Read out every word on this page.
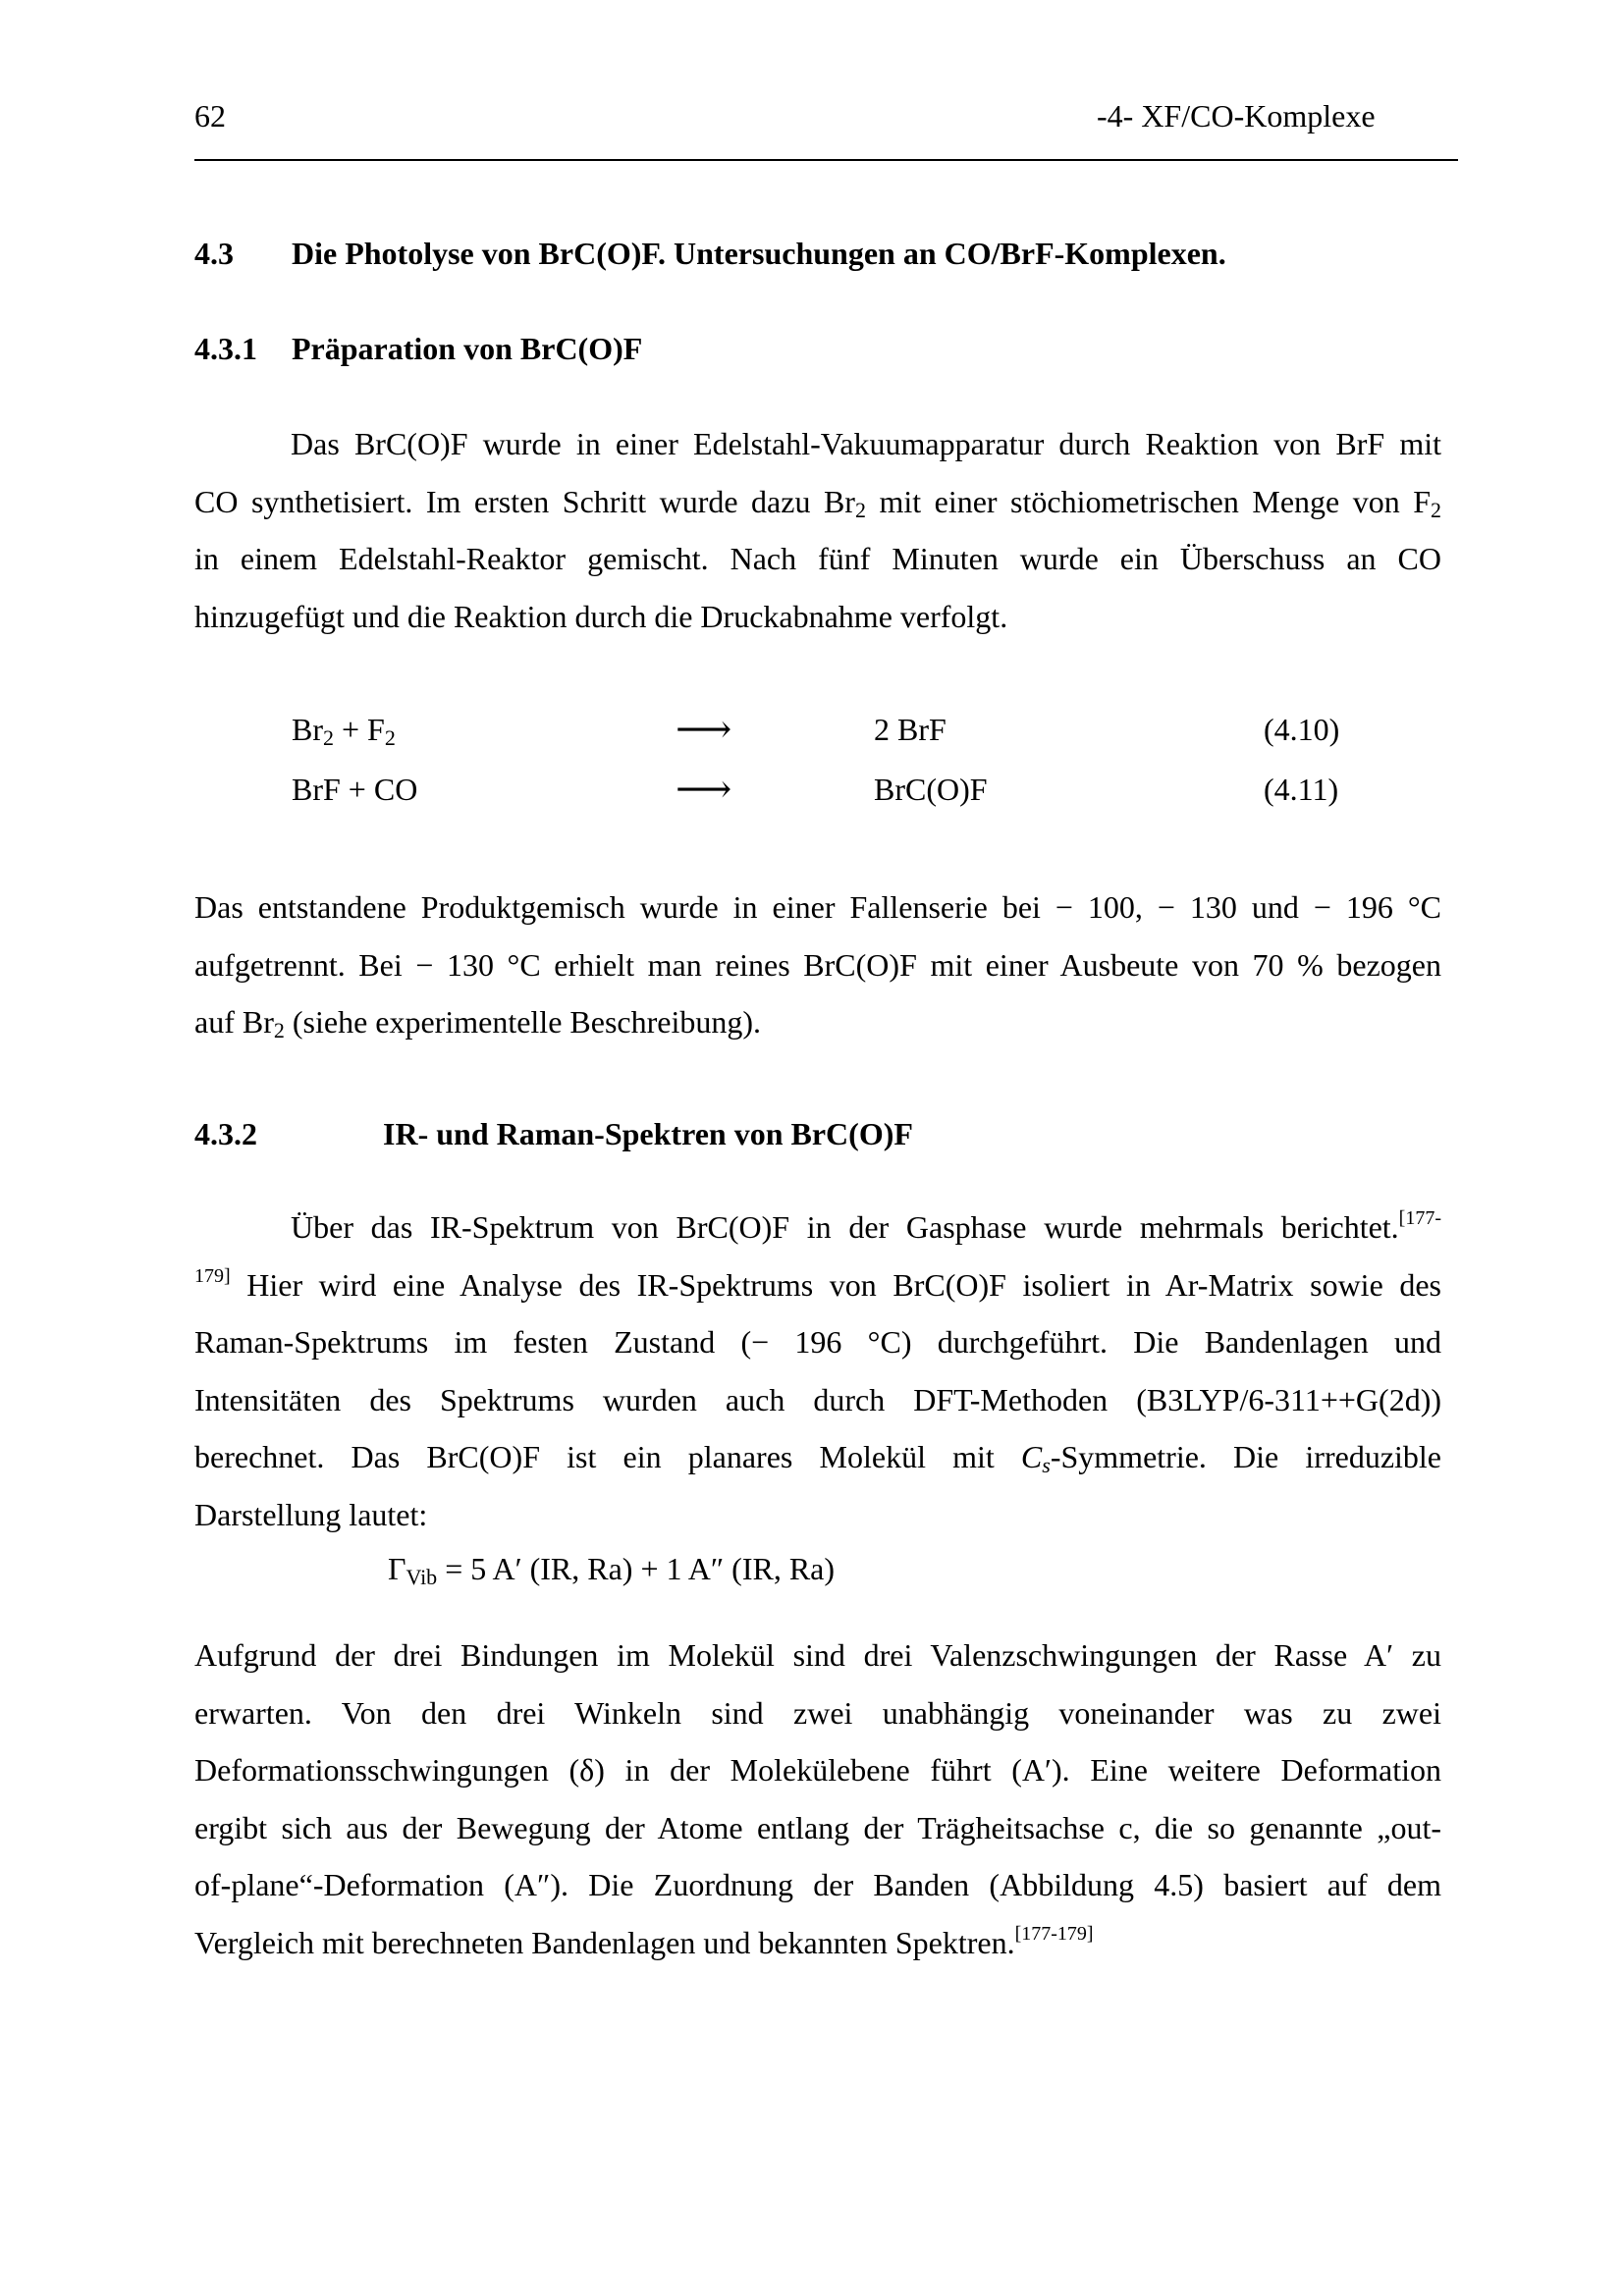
62	-4- XF/CO-Komplexe
4.3 Die Photolyse von BrC(O)F. Untersuchungen an CO/BrF-Komplexen.
4.3.1 Präparation von BrC(O)F
Das BrC(O)F wurde in einer Edelstahl-Vakuumapparatur durch Reaktion von BrF mit
CO synthetisiert. Im ersten Schritt wurde dazu $Br_2$ mit einer stöchiometrischen Menge von $F_2$
in einem Edelstahl-Reaktor gemischt. Nach fünf Minuten wurde ein Überschuss an CO
hinzugefügt und die Reaktion durch die Druckabnahme verfolgt.
$Br_2 + F_2$	⟶	2 BrF	(4.10)
BrF + CO	⟶	BrC(O)F	(4.11)
Das entstandene Produktgemisch wurde in einer Fallenserie bei − 100, − 130 und − 196 °C
aufgetrennt. Bei − 130 °C erhielt man reines BrC(O)F mit einer Ausbeute von 70 % bezogen
auf $Br_2$ (siehe experimentelle Beschreibung).
4.3.2	IR- und Raman-Spektren von BrC(O)F
Über das IR-Spektrum von BrC(O)F in der Gasphase wurde mehrmals berichtet.$^{[177-}$
$^{179]}$ Hier wird eine Analyse des IR-Spektrums von BrC(O)F isoliert in Ar-Matrix sowie des
Raman-Spektrums im festen Zustand (− 196 °C) durchgeführt. Die Bandenlagen und
Intensitäten des Spektrums wurden auch durch DFT-Methoden (B3LYP/6-311++G(2d))
berechnet. Das BrC(O)F ist ein planares Molekül mit $C_s$-Symmetrie. Die irreduzible
Darstellung lautet:
$\Gamma_{Vib} = 5$ A′ (IR, Ra) + 1 A″ (IR, Ra)
Aufgrund der drei Bindungen im Molekül sind drei Valenzschwingungen der Rasse A′ zu
erwarten. Von den drei Winkeln sind zwei unabhängig voneinander was zu zwei
Deformationsschwingungen (δ) in der Molekülebene führt (A′). Eine weitere Deformation
ergibt sich aus der Bewegung der Atome entlang der Trägheitsachse c, die so genannte „out-
of-plane“-Deformation (A″). Die Zuordnung der Banden (Abbildung 4.5) basiert auf dem
Vergleich mit berechneten Bandenlagen und bekannten Spektren.[177-179]
